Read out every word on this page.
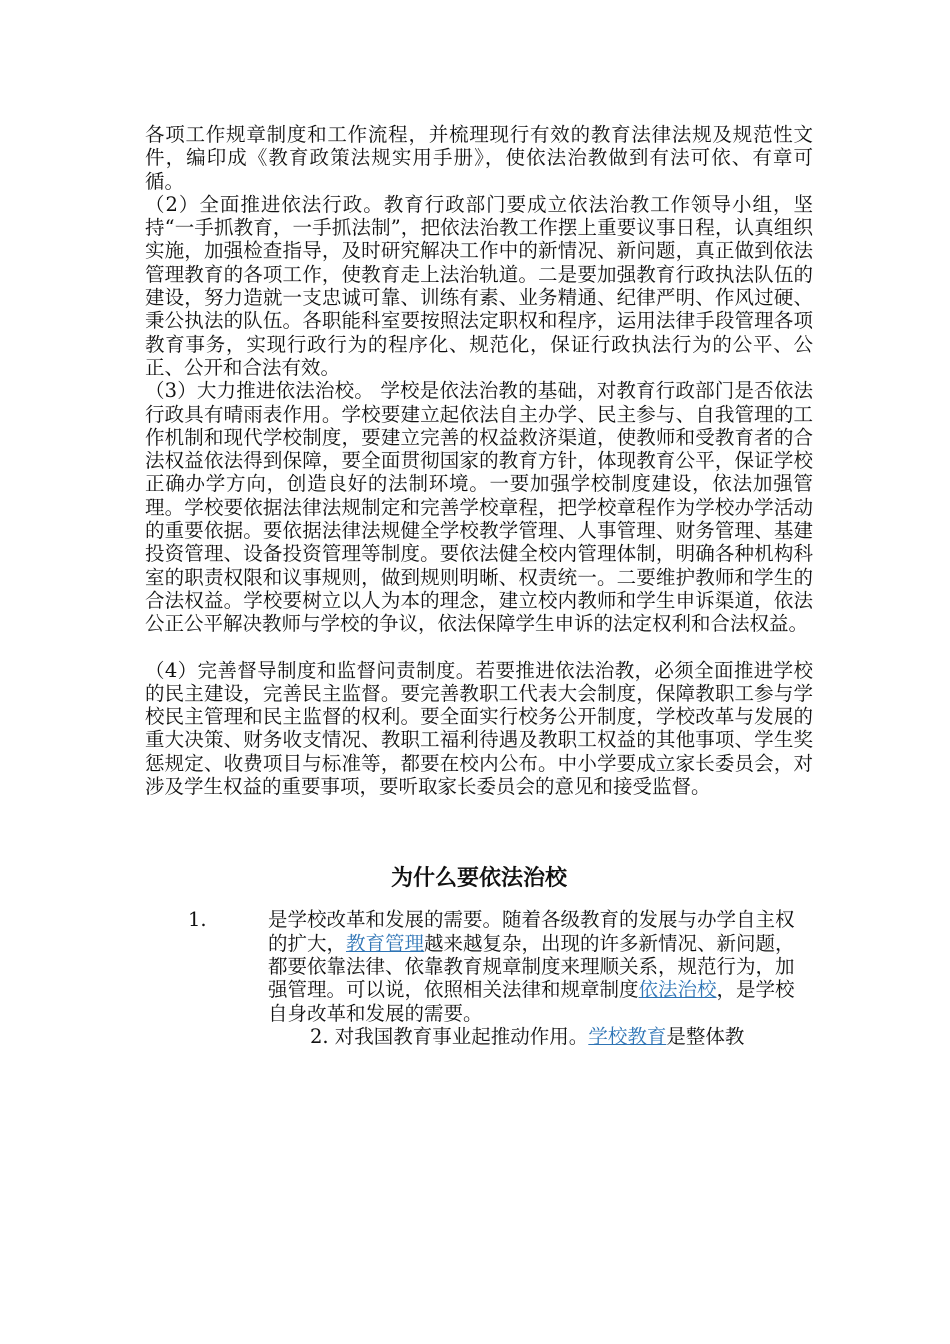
各项工作规章制度和工作流程，并梳理现行有效的教育法律法规及规范性文件，编印成《教育政策法规实用手册》，使依法治教做到有法可依、有章可循。

（2）全面推进依法行政。教育行政部门要成立依法治教工作领导小组，坚持“一手抓教育，一手抓法制”，把依法治教工作摆上重要议事日程，认真组织实施，加强检查指导，及时研究解决工作中的新情况、新问题，真正做到依法管理教育的各项工作，使教育走上法治轨道。二是要加强教育行政执法队伍的建设，努力造就一支忠诚可靠、训练有素、业务精通、纪律严明、作风过硬、秉公执法的队伍。各职能科室要按照法定职权和程序，运用法律手段管理各项教育事务，实现行政行为的程序化、规范化，保证行政执法行为的公平、公正、公开和合法有效。

（3）大力推进依法治校。 学校是依法治教的基础，对教育行政部门是否依法行政具有晴雨表作用。学校要建立起依法自主办学、民主参与、自我管理的工作机制和现代学校制度，要建立完善的权益救济渠道，使教师和受教育者的合法权益依法得到保障，要全面贯彻国家的教育方针，体现教育公平，保证学校正确办学方向，创造良好的法制环境。一要加强学校制度建设，依法加强管理。学校要依据法律法规制定和完善学校章程，把学校章程作为学校办学活动的重要依据。要依据法律法规健全学校教学管理、人事管理、财务管理、基建投资管理、设备投资管理等制度。要依法健全校内管理体制，明确各种机构科室的职责权限和议事规则，做到规则明晰、权责统一。二要维护教师和学生的合法权益。学校要树立以人为本的理念，建立校内教师和学生申诉渠道，依法公正公平解决教师与学校的争议，依法保障学生申诉的法定权利和合法权益。

（4）完善督导制度和监督问责制度。若要推进依法治教，必须全面推进学校的民主建设，完善民主监督。要完善教职工代表大会制度，保障教职工参与学校民主管理和民主监督的权利。要全面实行校务公开制度，学校改革与发展的重大决策、财务收支情况、教职工福利待遇及教职工权益的其他事项、学生奖惩规定、收费项目与标准等，都要在校内公布。中小学要成立家长委员会，对涉及学生权益的重要事项，要听取家长委员会的意见和接受监督。

为什么要依法治校
1.	是学校改革和发展的需要。随着各级教育的发展与办学自主权的扩大，教育管理越来越复杂，出现的许多新情况、新问题，都要依靠法律、依靠教育规章制度来理顺关系，规范行为，加强管理。可以说，依照相关法律和规章制度依法治校，是学校自身改革和发展的需要。
2. 对我国教育事业起推动作用。学校教育是整体教
